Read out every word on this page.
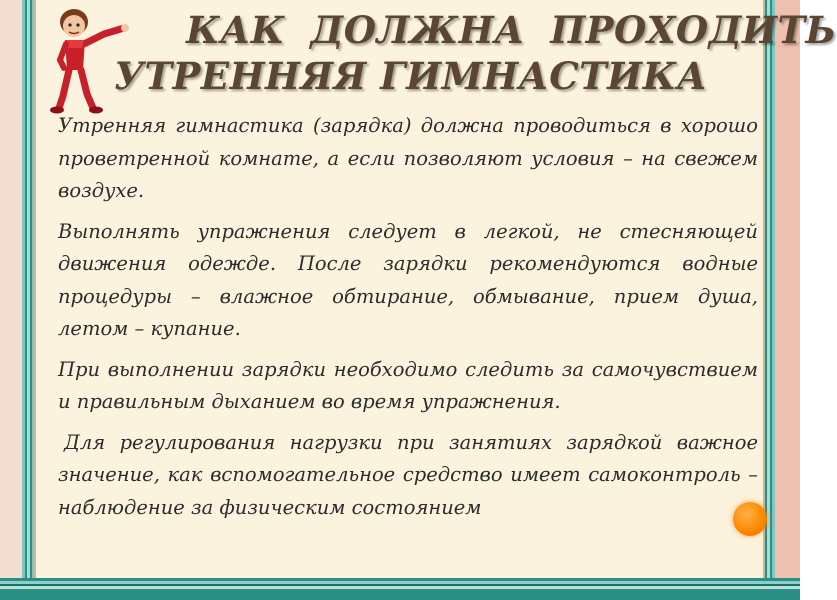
КАК ДОЛЖНА ПРОХОДИТЬ
УТРЕННЯЯ ГИМНАСТИКА

Утренняя гимнастика (зарядка) должна проводиться в хорошо проветренной комнате, а если позволяют условия – на свежем воздухе.

Выполнять упражнения следует в легкой, не стесняющей движения одежде. После зарядки рекомендуются водные процедуры – влажное обтирание, обмывание, прием душа, летом – купание.

При выполнении зарядки необходимо следить за самочувствием и правильным дыханием во время упражнения.

Для регулирования нагрузки при занятиях зарядкой важное значение, как вспомогательное средство имеет самоконтроль – наблюдение за физическим состоянием
